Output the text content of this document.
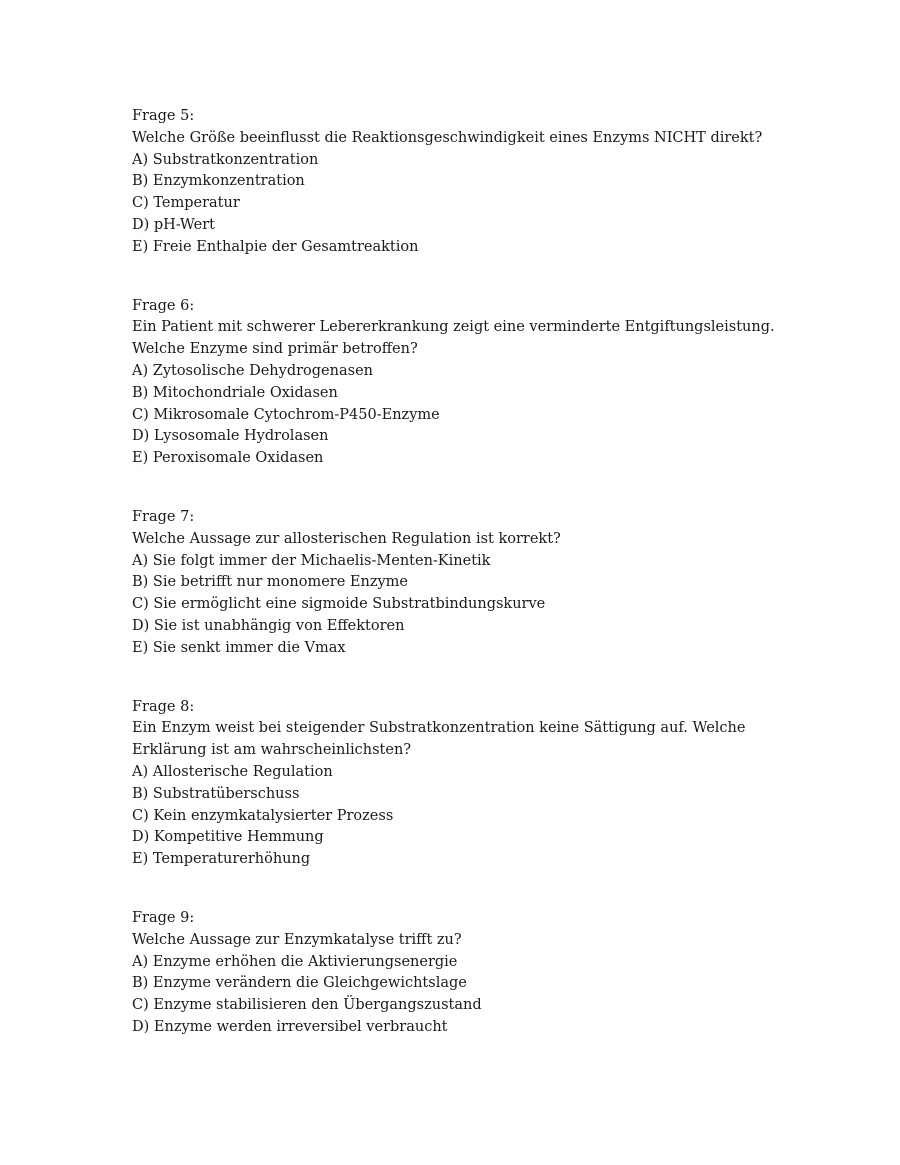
Frage 5:
Welche Größe beeinflusst die Reaktionsgeschwindigkeit eines Enzyms NICHT direkt?
A) Substratkonzentration
B) Enzymkonzentration
C) Temperatur
D) pH-Wert
E) Freie Enthalpie der Gesamtreaktion
Frage 6:
Ein Patient mit schwerer Lebererkrankung zeigt eine verminderte Entgiftungsleistung.
Welche Enzyme sind primär betroffen?
A) Zytosolische Dehydrogenasen
B) Mitochondriale Oxidasen
C) Mikrosomale Cytochrom-P450-Enzyme
D) Lysosomale Hydrolasen
E) Peroxisomale Oxidasen
Frage 7:
Welche Aussage zur allosterischen Regulation ist korrekt?
A) Sie folgt immer der Michaelis-Menten-Kinetik
B) Sie betrifft nur monomere Enzyme
C) Sie ermöglicht eine sigmoide Substratbindungskurve
D) Sie ist unabhängig von Effektoren
E) Sie senkt immer die Vmax
Frage 8:
Ein Enzym weist bei steigender Substratkonzentration keine Sättigung auf. Welche
Erklärung ist am wahrscheinlichsten?
A) Allosterische Regulation
B) Substratüberschuss
C) Kein enzymkatalysierter Prozess
D) Kompetitive Hemmung
E) Temperaturerhöhung
Frage 9:
Welche Aussage zur Enzymkatalyse trifft zu?
A) Enzyme erhöhen die Aktivierungsenergie
B) Enzyme verändern die Gleichgewichtslage
C) Enzyme stabilisieren den Übergangszustand
D) Enzyme werden irreversibel verbraucht
